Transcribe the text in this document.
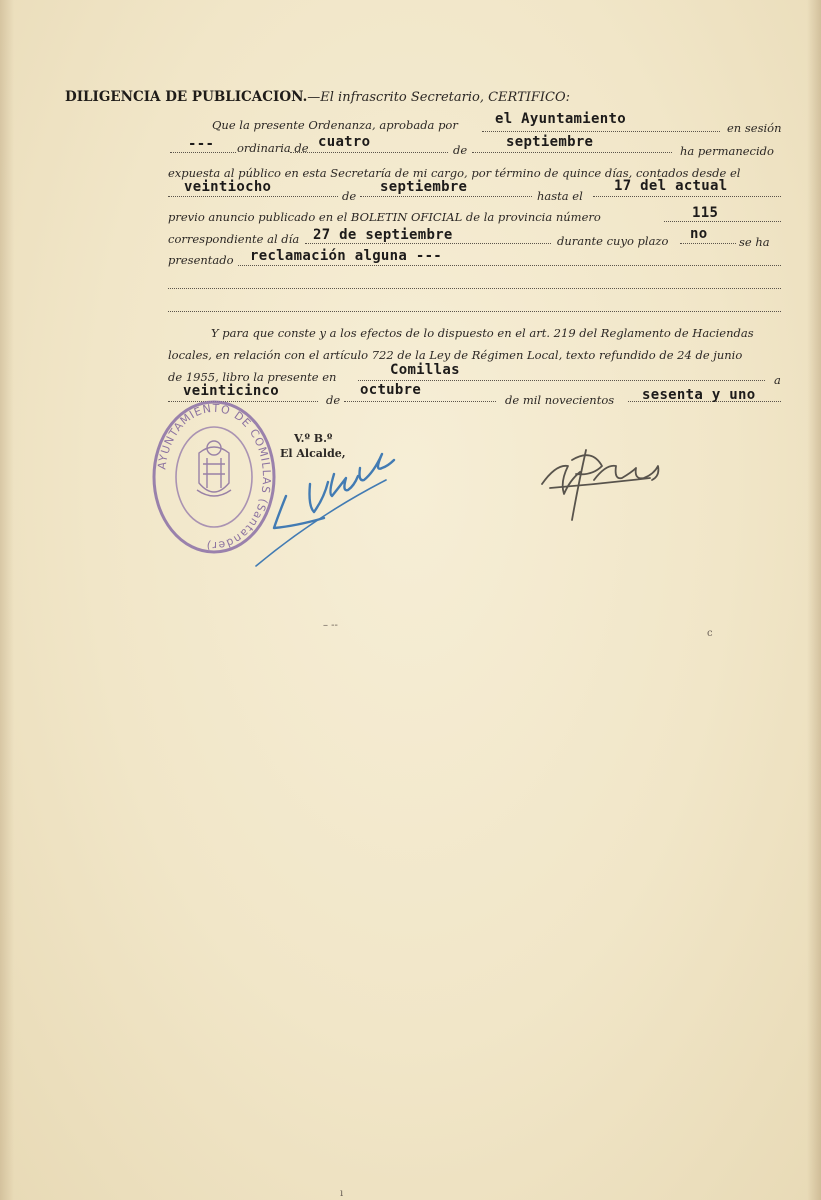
DILIGENCIA DE PUBLICACION.—El infrascrito Secretario, CERTIFICO:
Que la presente Ordenanza, aprobada por	el Ayuntamiento
en sesión
--- ordinaria de cuatro	de	septiembre
ha permanecido
expuesta al público en esta Secretaría de mi cargo, por término de quince días, contados desde el
veintiocho
de
septiembre
hasta el
17 del actual
previo anuncio publicado en el BOLETIN OFICIAL de la provincia número	115
correspondiente al día 27 de septiembre	durante cuyo plazo no	se ha
presentado reclamación alguna ---
Y para que conste y a los efectos de lo dispuesto en el art. 219 del Reglamento de Haciendas
locales, en relación con el artículo 722 de la Ley de Régimen Local, texto refundido de 24 de junio
de 1955, libro la presente en	Comillas
a
veinticinco
de
octubre
de mil novecientos sesenta y uno
V.º B.º
El Alcalde,
AYUNTAMIENTO DE COMILLAS (Santander)
– --
ⅽ
ı
